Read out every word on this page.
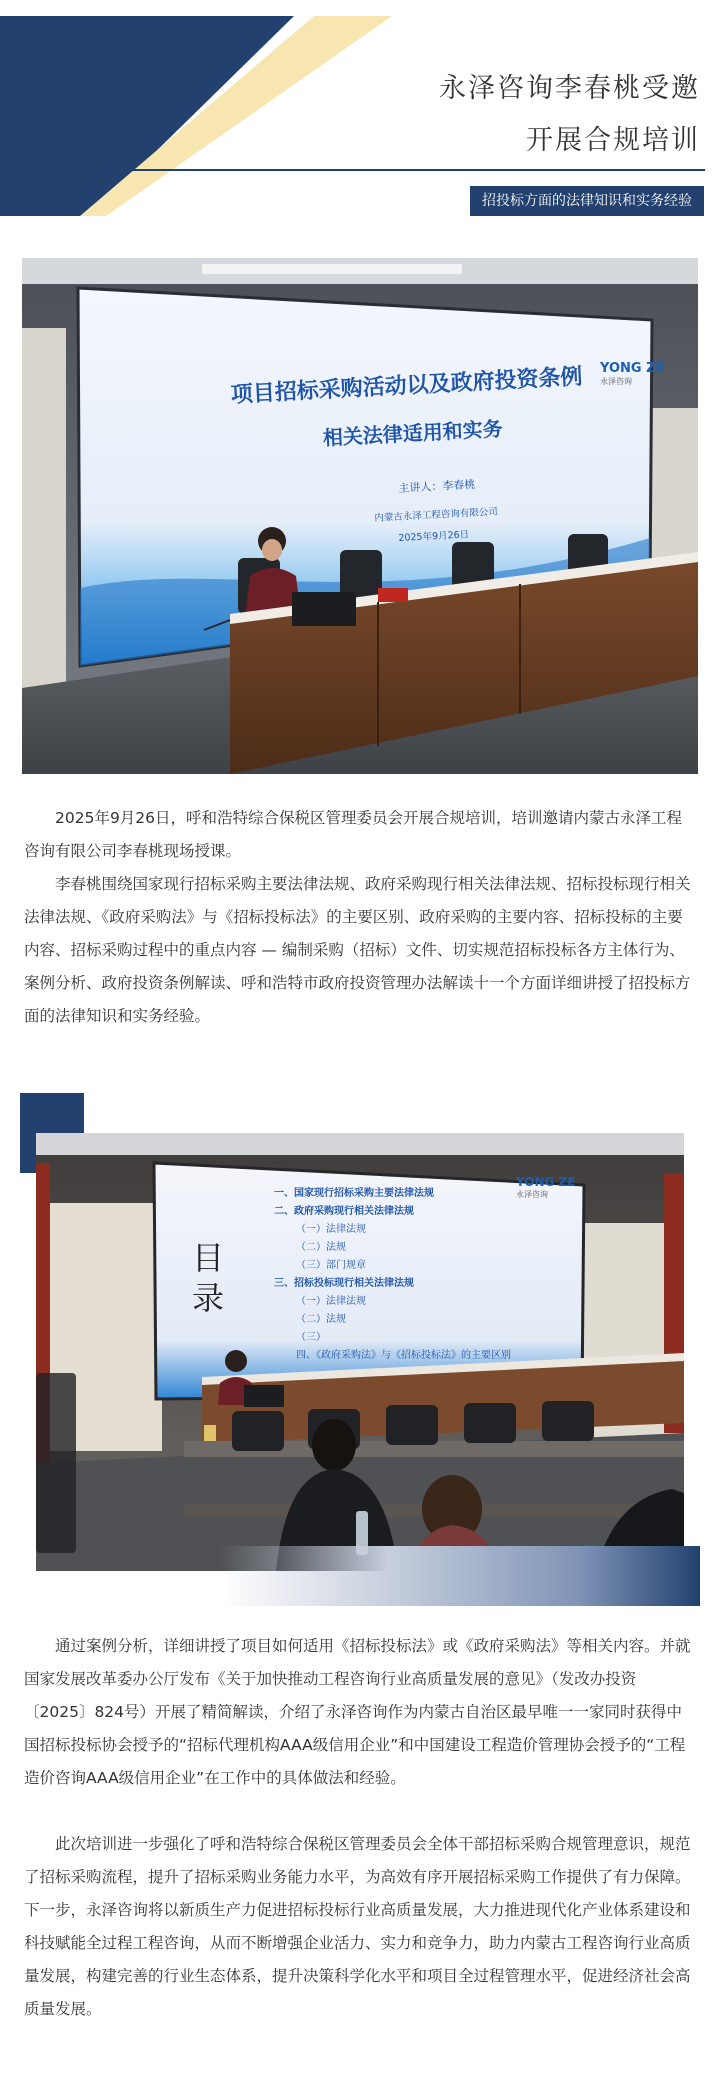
永泽咨询李春桃受邀
开展合规培训
招投标方面的法律知识和实务经验
YONG ZE
永泽咨询
项目招标采购活动以及政府投资条例
相关法律适用和实务
主讲人：李春桃
内蒙古永泽工程咨询有限公司
2025年9月26日

2025年9月26日，呼和浩特综合保税区管理委员会开展合规培训，培训邀请内蒙古永泽工程咨询有限公司李春桃现场授课。

李春桃围绕国家现行招标采购主要法律法规、政府采购现行相关法律法规、招标投标现行相关法律法规、《政府采购法》与《招标投标法》的主要区别、政府采购的主要内容、招标投标的主要内容、招标采购过程中的重点内容 — 编制采购（招标）文件、切实规范招标投标各方主体行为、案例分析、政府投资条例解读、呼和浩特市政府投资管理办法解读十一个方面详细讲授了招投标方面的法律知识和实务经验。

YONG ZE
永泽咨询
目
录
一、国家现行招标采购主要法律法规
二、政府采购现行相关法律法规
（一）法律法规
（二）法规
（三）部门规章
三、招标投标现行相关法律法规
（一）法律法规
（二）法规
（三）
四、《政府采购法》与《招标投标法》的主要区别

通过案例分析，详细讲授了项目如何适用《招标投标法》或《政府采购法》等相关内容。并就国家发展改革委办公厅发布《关于加快推动工程咨询行业高质量发展的意见》（发改办投资〔2025〕824号）开展了精简解读，介绍了永泽咨询作为内蒙古自治区最早唯一一家同时获得中国招标投标协会授予的“招标代理机构AAA级信用企业”和中国建设工程造价管理协会授予的“工程造价咨询AAA级信用企业”在工作中的具体做法和经验。

此次培训进一步强化了呼和浩特综合保税区管理委员会全体干部招标采购合规管理意识，规范了招标采购流程，提升了招标采购业务能力水平，为高效有序开展招标采购工作提供了有力保障。下一步，永泽咨询将以新质生产力促进招标投标行业高质量发展，大力推进现代化产业体系建设和科技赋能全过程工程咨询，从而不断增强企业活力、实力和竞争力，助力内蒙古工程咨询行业高质量发展，构建完善的行业生态体系，提升决策科学化水平和项目全过程管理水平，促进经济社会高质量发展。
